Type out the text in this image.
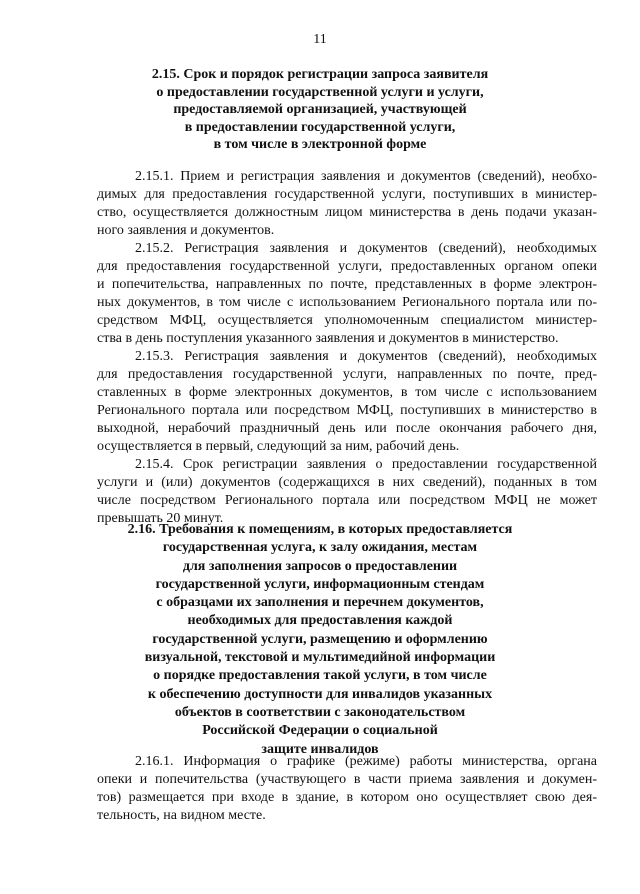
11
2.15. Срок и порядок регистрации запроса заявителя
о предоставлении государственной услуги и услуги,
предоставляемой организацией, участвующей
в предоставлении государственной услуги,
в том числе в электронной форме
2.15.1. Прием и регистрация заявления и документов (сведений), необхо-
димых для предоставления государственной услуги, поступивших в министер-
ство, осуществляется должностным лицом министерства в день подачи указан-
ного заявления и документов.
2.15.2. Регистрация заявления и документов (сведений), необходимых
для предоставления государственной услуги, предоставленных органом опеки
и попечительства, направленных по почте, представленных в форме электрон-
ных документов, в том числе с использованием Регионального портала или по-
средством МФЦ, осуществляется уполномоченным специалистом министер-
ства в день поступления указанного заявления и документов в министерство.
2.15.3. Регистрация заявления и документов (сведений), необходимых
для предоставления государственной услуги, направленных по почте, пред-
ставленных в форме электронных документов, в том числе с использованием
Регионального портала или посредством МФЦ, поступивших в министерство в
выходной, нерабочий праздничный день или после окончания рабочего дня,
осуществляется в первый, следующий за ним, рабочий день.
2.15.4. Срок регистрации заявления о предоставлении государственной
услуги и (или) документов (содержащихся в них сведений), поданных в том
числе посредством Регионального портала или посредством МФЦ не может
превышать 20 минут.
2.16. Требования к помещениям, в которых предоставляется
государственная услуга, к залу ожидания, местам
для заполнения запросов о предоставлении
государственной услуги, информационным стендам
с образцами их заполнения и перечнем документов,
необходимых для предоставления каждой
государственной услуги, размещению и оформлению
визуальной, текстовой и мультимедийной информации
о порядке предоставления такой услуги, в том числе
к обеспечению доступности для инвалидов указанных
объектов в соответствии с законодательством
Российской Федерации о социальной
защите инвалидов
2.16.1. Информация о графике (режиме) работы министерства, органа
опеки и попечительства (участвующего в части приема заявления и докумен-
тов) размещается при входе в здание, в котором оно осуществляет свою дея-
тельность, на видном месте.
